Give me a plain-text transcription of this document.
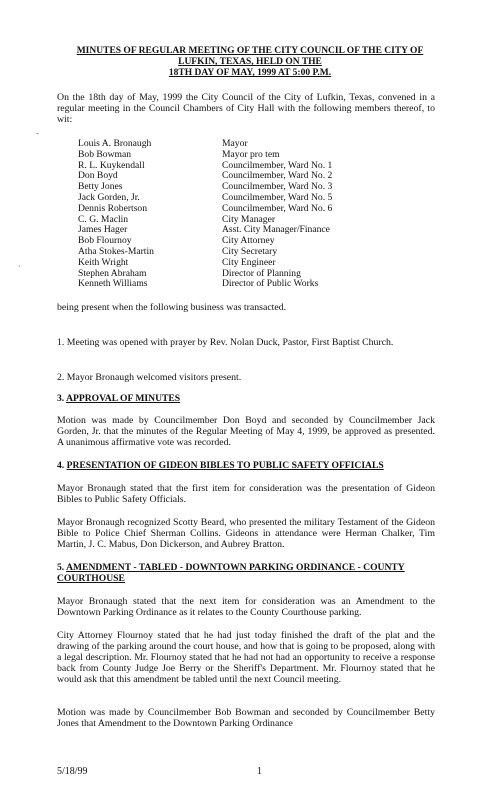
-
·
MINUTES OF REGULAR MEETING OF THE CITY COUNCIL OF THE CITY OF
LUFKIN, TEXAS, HELD ON THE
18TH DAY OF MAY, 1999 AT 5:00 P.M.
On the 18th day of May, 1999 the City Council of the City of Lufkin, Texas, convened in a regular meeting in the Council Chambers of City Hall with the following members thereof, to wit:
Louis A. Bronaugh	Mayor
Bob Bowman	Mayor pro tem
R. L. Kuykendall	Councilmember, Ward No. 1
Don Boyd	Councilmember, Ward No. 2
Betty Jones	Councilmember, Ward No. 3
Jack Gorden, Jr.	Councilmember, Ward No. 5
Dennis Robertson	Councilmember, Ward No. 6
C. G. Maclin	City Manager
James Hager	Asst. City Manager/Finance
Bob Flournoy	City Attorney
Atha Stokes-Martin	City Secretary
Keith Wright	City Engineer
Stephen Abraham	Director of Planning
Kenneth Williams	Director of Public Works
being present when the following business was transacted.
1. Meeting was opened with prayer by Rev. Nolan Duck, Pastor, First Baptist Church.
2. Mayor Bronaugh welcomed visitors present.
3. APPROVAL OF MINUTES
Motion was made by Councilmember Don Boyd and seconded by Councilmember Jack Gorden, Jr. that the minutes of the Regular Meeting of May 4, 1999, be approved as presented. A unanimous affirmative vote was recorded.
4. PRESENTATION OF GIDEON BIBLES TO PUBLIC SAFETY OFFICIALS
Mayor Bronaugh stated that the first item for consideration was the presentation of Gideon Bibles to Public Safety Officials.
Mayor Bronaugh recognized Scotty Beard, who presented the military Testament of the Gideon Bible to Police Chief Sherman Collins. Gideons in attendance were Herman Chalker, Tim Martin, J. C. Mabus, Don Dickerson, and Aubrey Bratton.
5. AMENDMENT - TABLED - DOWNTOWN PARKING ORDINANCE - COUNTY
COURTHOUSE
Mayor Bronaugh stated that the next item for consideration was an Amendment to the Downtown Parking Ordinance as it relates to the County Courthouse parking.
City Attorney Flournoy stated that he had just today finished the draft of the plat and the drawing of the parking around the court house, and how that is going to be proposed, along with a legal description. Mr. Flournoy stated that he had not had an opportunity to receive a response back from County Judge Joe Berry or the Sheriff's Department. Mr. Flournoy stated that he would ask that this amendment be tabled until the next Council meeting.
Motion was made by Councilmember Bob Bowman and seconded by Councilmember Betty Jones that Amendment to the Downtown Parking Ordinance
5/18/99	1
